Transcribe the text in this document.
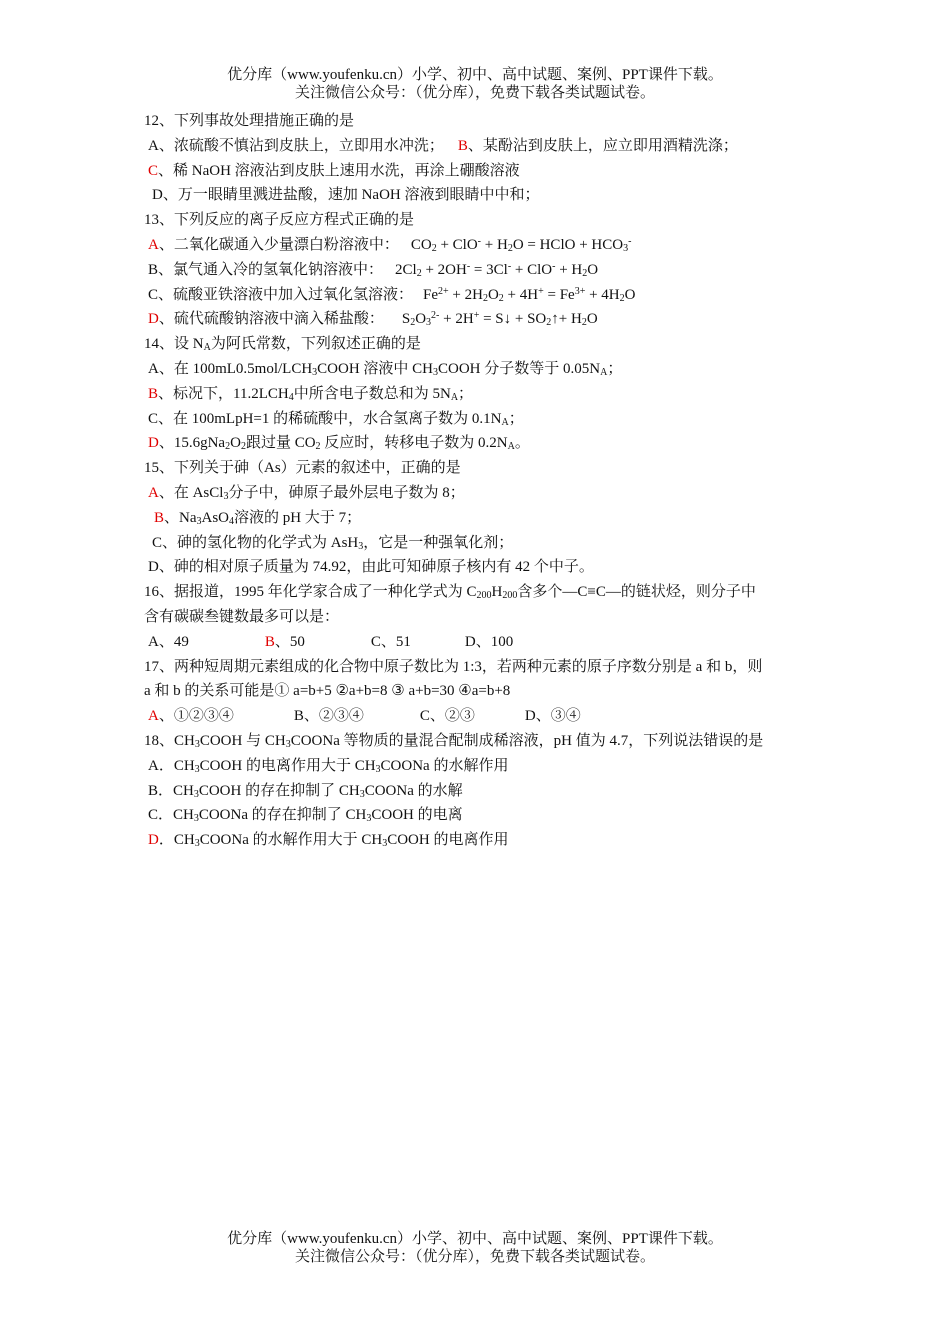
优分库（www.youfenku.cn）小学、初中、高中试题、案例、PPT课件下载。
关注微信公众号：（优分库），免费下载各类试题试卷。
12、下列事故处理措施正确的是
A、浓硫酸不慎沾到皮肤上，立即用水冲洗； B、某酚沾到皮肤上，应立即用酒精洗涤；
C、稀 NaOH 溶液沾到皮肤上速用水洗，再涂上硼酸溶液
D、万一眼睛里溅进盐酸，速加 NaOH 溶液到眼睛中中和；
13、下列反应的离子反应方程式正确的是
A、二氧化碳通入少量漂白粉溶液中： $CO_2 + ClO^- + H_2O$ = HClO + $HCO_3^-$
B、氯气通入冷的氢氧化钠溶液中： $2Cl_2 + 2OH^- = 3Cl^- + ClO^- + H_2O$
C、硫酸亚铁溶液中加入过氧化氢溶液： $Fe^{2+} + 2H_2O_2 + 4H^+ = Fe^{3+} + 4H_2O$
D、硫代硫酸钠溶液中滴入稀盐酸： $S_2O_3^{2-} + 2H^+$ = S↓ + $SO_2↑+ H_2O$
14、设 $N_A$为阿氏常数，下列叙述正确的是
A、在 $100mL0.5mol/LCH_3COOH$ 溶液中 $CH_3COOH$ 分子数等于 $0.05N_A$；
B、标况下，$11.2LCH_4$中所含电子数总和为 $5N_A$；
C、在 100mLpH=1 的稀硫酸中，水合氢离子数为 $0.1N_A$；
D、$15.6gNa_2O_2$跟过量 $CO_2$ 反应时，转移电子数为 $0.2N_A$。
15、下列关于砷（As）元素的叙述中，正确的是
A、在 AsCl$_3$分子中，砷原子最外层电子数为 8；
B、$Na_3AsO_4$溶液的 pH 大于 7；
C、砷的氢化物的化学式为 AsH$_3$，它是一种强氧化剂；
D、砷的相对原子质量为 74.92，由此可知砷原子核内有 42 个中子。
16、据报道，1995 年化学家合成了一种化学式为 $C_{200}H_{200}$含多个—C≡C—的链状烃，则分子中
含有碳碳叁键数最多可以是：
A、49	B、50	C、51	D、100
17、两种短周期元素组成的化合物中原子数比为 1:3，若两种元素的原子序数分别是 a 和 b，则
a 和 b 的关系可能是① a=b+5 ②a+b=8 ③ a+b=30 ④a=b+8
A、①②③④	B、②③④	C、②③	D、③④
18、$CH_3COOH$ 与 $CH_3COONa$ 等物质的量混合配制成稀溶液，pH 值为 4.7，下列说法错误的是
A．$CH_3COOH$ 的电离作用大于 $CH_3COONa$ 的水解作用
B．$CH_3COOH$ 的存在抑制了 $CH_3COONa$ 的水解
C．$CH_3COONa$ 的存在抑制了 $CH_3COOH$ 的电离
D．$CH_3COONa$ 的水解作用大于 $CH_3COOH$ 的电离作用
优分库（www.youfenku.cn）小学、初中、高中试题、案例、PPT课件下载。
关注微信公众号：（优分库），免费下载各类试题试卷。
